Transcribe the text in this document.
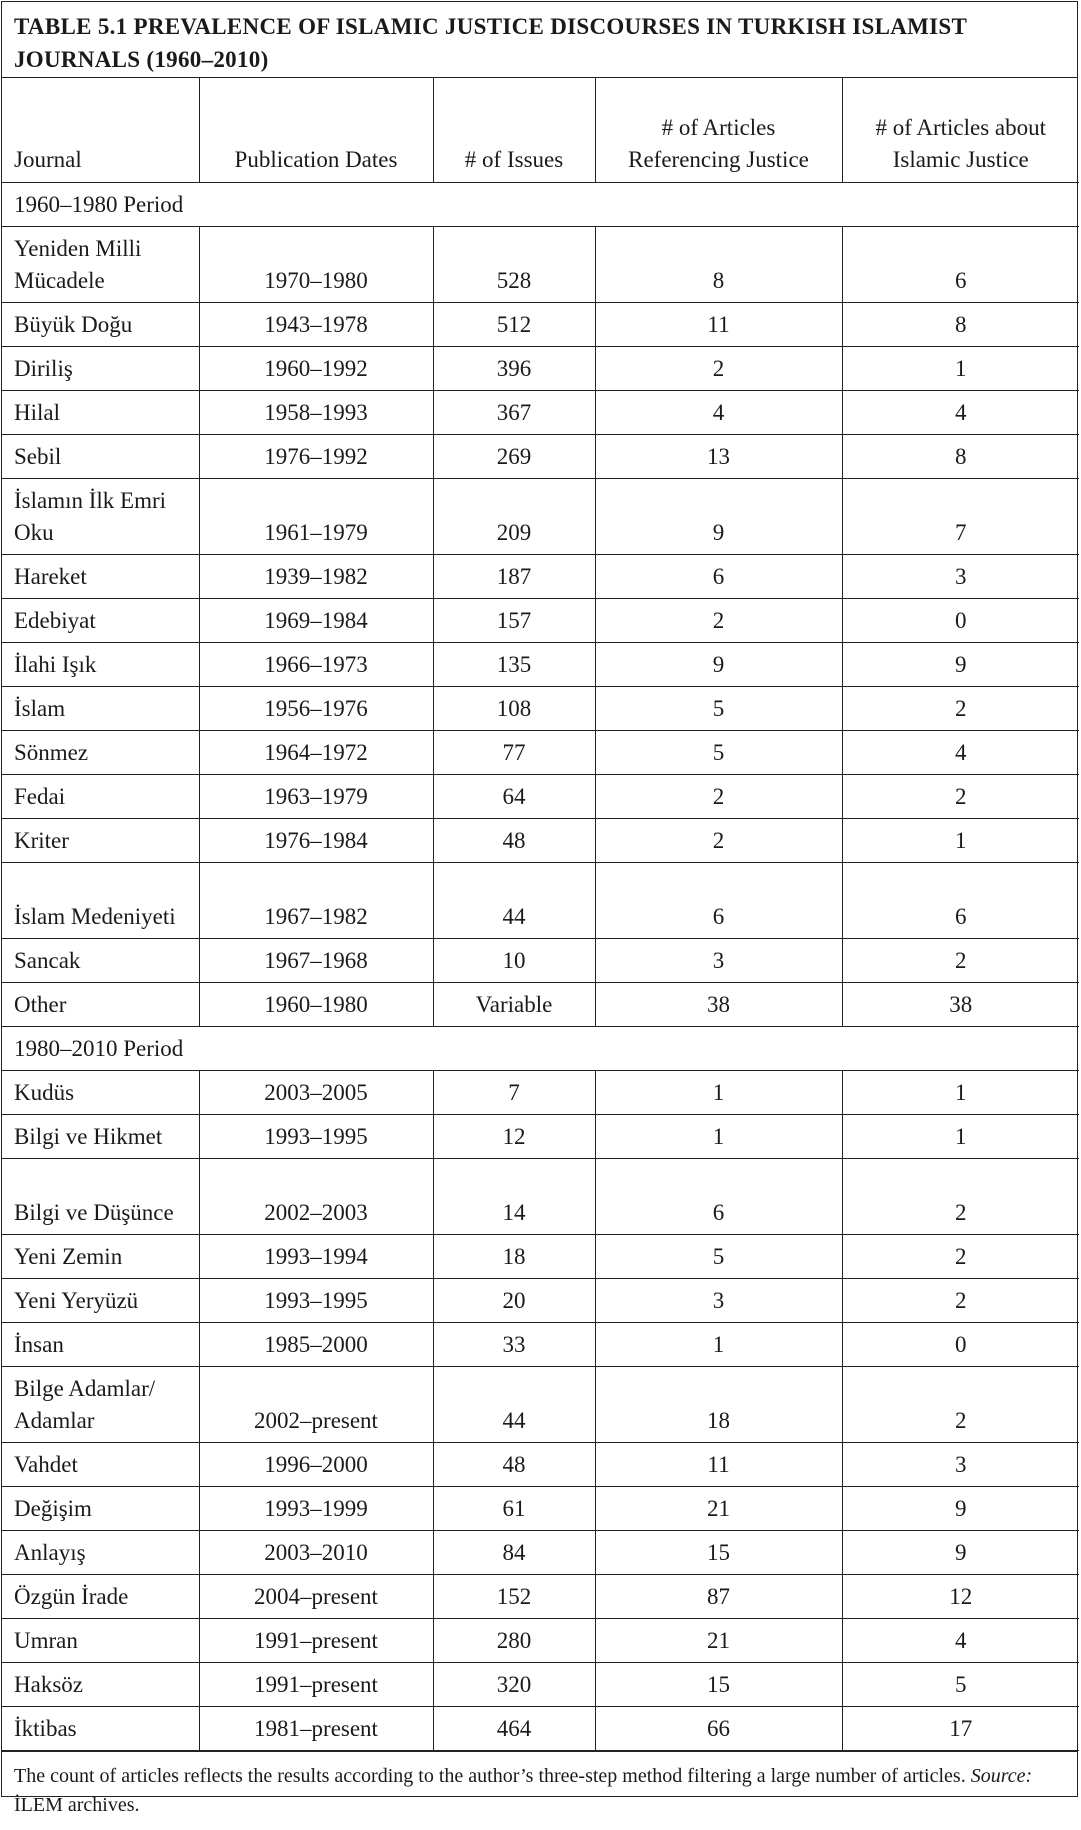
TABLE 5.1 PREVALENCE OF ISLAMIC JUSTICE DISCOURSES IN TURKISH ISLAMIST JOURNALS (1960–2010)
Journal	Publication Dates	# of Issues	# of Articles Referencing Justice	# of Articles about Islamic Justice
1960–1980 Period				
Yeniden Milli Mücadele	1970–1980	528	8	6
Büyük Doğu	1943–1978	512	11	8
Diriliş	1960–1992	396	2	1
Hilal	1958–1993	367	4	4
Sebil	1976–1992	269	13	8
İslamın İlk Emri Oku	1961–1979	209	9	7
Hareket	1939–1982	187	6	3
Edebiyat	1969–1984	157	2	0
İlahi Işık	1966–1973	135	9	9
İslam	1956–1976	108	5	2
Sönmez	1964–1972	77	5	4
Fedai	1963–1979	64	2	2
Kriter	1976–1984	48	2	1
İslam Medeniyeti	1967–1982	44	6	6
Sancak	1967–1968	10	3	2
Other	1960–1980	Variable	38	38
1980–2010 Period				
Kudüs	2003–2005	7	1	1
Bilgi ve Hikmet	1993–1995	12	1	1
Bilgi ve Düşünce	2002–2003	14	6	2
Yeni Zemin	1993–1994	18	5	2
Yeni Yeryüzü	1993–1995	20	3	2
İnsan	1985–2000	33	1	0
Bilge Adamlar/ Adamlar	2002–present	44	18	2
Vahdet	1996–2000	48	11	3
Değişim	1993–1999	61	21	9
Anlayış	2003–2010	84	15	9
Özgün İrade	2004–present	152	87	12
Umran	1991–present	280	21	4
Haksöz	1991–present	320	15	5
İktibas	1981–present	464	66	17
The count of articles reflects the results according to the author’s three-step method filtering a large number of articles. Source: İLEM archives.
